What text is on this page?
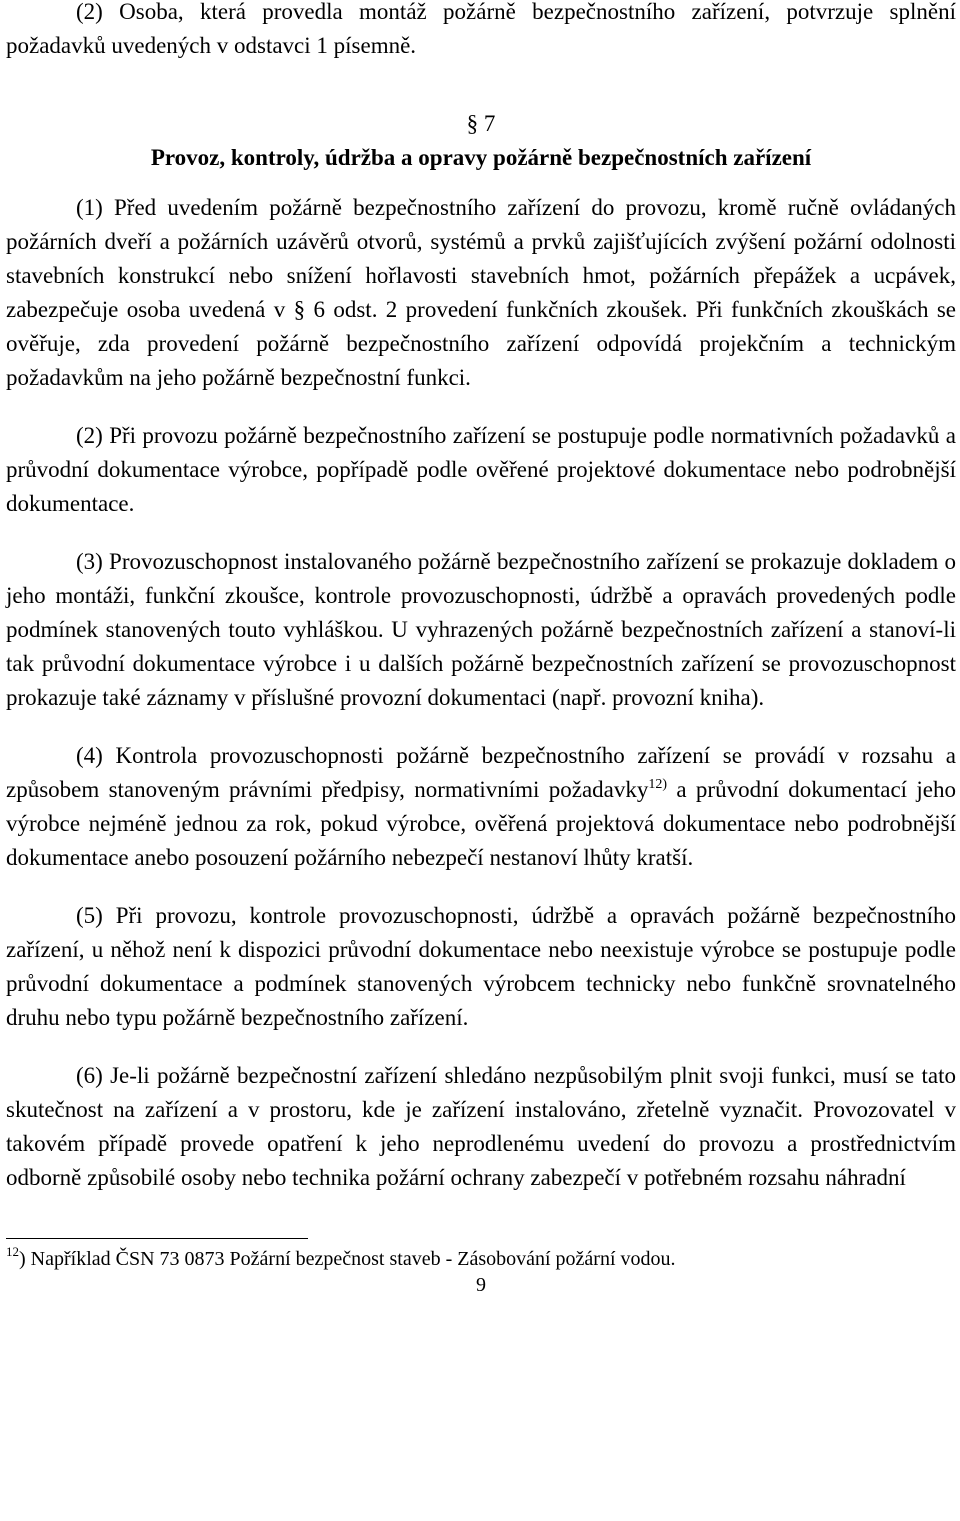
(2) Osoba, která provedla montáž požárně bezpečnostního zařízení, potvrzuje splnění požadavků uvedených v odstavci 1 písemně.

§ 7

Provoz, kontroly, údržba a opravy požárně bezpečnostních zařízení

(1) Před uvedením požárně bezpečnostního zařízení do provozu, kromě ručně ovládaných požárních dveří a požárních uzávěrů otvorů, systémů a prvků zajišťujících zvýšení požární odolnosti stavebních konstrukcí nebo snížení hořlavosti stavebních hmot, požárních přepážek a ucpávek, zabezpečuje osoba uvedená v § 6 odst. 2 provedení funkčních zkoušek. Při funkčních zkouškách se ověřuje, zda provedení požárně bezpečnostního zařízení odpovídá projekčním a technickým požadavkům na jeho požárně bezpečnostní funkci.

(2) Při provozu požárně bezpečnostního zařízení se postupuje podle normativních požadavků a průvodní dokumentace výrobce, popřípadě podle ověřené projektové dokumentace nebo podrobnější dokumentace.

(3) Provozuschopnost instalovaného požárně bezpečnostního zařízení se prokazuje dokladem o jeho montáži, funkční zkoušce, kontrole provozuschopnosti, údržbě a opravách provedených podle podmínek stanovených touto vyhláškou. U vyhrazených požárně bezpečnostních zařízení a stanoví-li tak průvodní dokumentace výrobce i u dalších požárně bezpečnostních zařízení se provozuschopnost prokazuje také záznamy v příslušné provozní dokumentaci (např. provozní kniha).

(4) Kontrola provozuschopnosti požárně bezpečnostního zařízení se provádí v rozsahu a způsobem stanoveným právními předpisy, normativními požadavky$^{12)}$ a průvodní dokumentací jeho výrobce nejméně jednou za rok, pokud výrobce, ověřená projektová dokumentace nebo podrobnější dokumentace anebo posouzení požárního nebezpečí nestanoví lhůty kratší.

(5) Při provozu, kontrole provozuschopnosti, údržbě a opravách požárně bezpečnostního zařízení, u něhož není k dispozici průvodní dokumentace nebo neexistuje výrobce se postupuje podle průvodní dokumentace a podmínek stanovených výrobcem technicky nebo funkčně srovnatelného druhu nebo typu požárně bezpečnostního zařízení.

(6) Je-li požárně bezpečnostní zařízení shledáno nezpůsobilým plnit svoji funkci, musí se tato skutečnost na zařízení a v prostoru, kde je zařízení instalováno, zřetelně vyznačit. Provozovatel v takovém případě provede opatření k jeho neprodlenému uvedení do provozu a prostřednictvím odborně způsobilé osoby nebo technika požární ochrany zabezpečí v potřebném rozsahu náhradní

$^{12}$) Například ČSN 73 0873 Požární bezpečnost staveb - Zásobování požární vodou.

9
